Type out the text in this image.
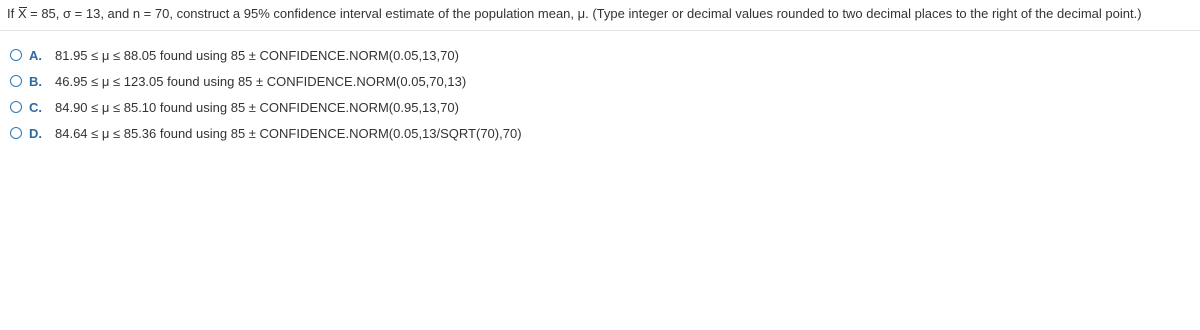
If X = 85, σ = 13, and n = 70, construct a 95% confidence interval estimate of the population mean, μ. (Type integer or decimal values rounded to two decimal places to the right of the decimal point.)
A.	81.95 ≤ μ ≤ 88.05 found using 85 ± CONFIDENCE.NORM(0.05,13,70)
B.	46.95 ≤ μ ≤ 123.05 found using 85 ± CONFIDENCE.NORM(0.05,70,13)
C.	84.90 ≤ μ ≤ 85.10 found using 85 ± CONFIDENCE.NORM(0.95,13,70)
D.	84.64 ≤ μ ≤ 85.36 found using 85 ± CONFIDENCE.NORM(0.05,13/SQRT(70),70)
